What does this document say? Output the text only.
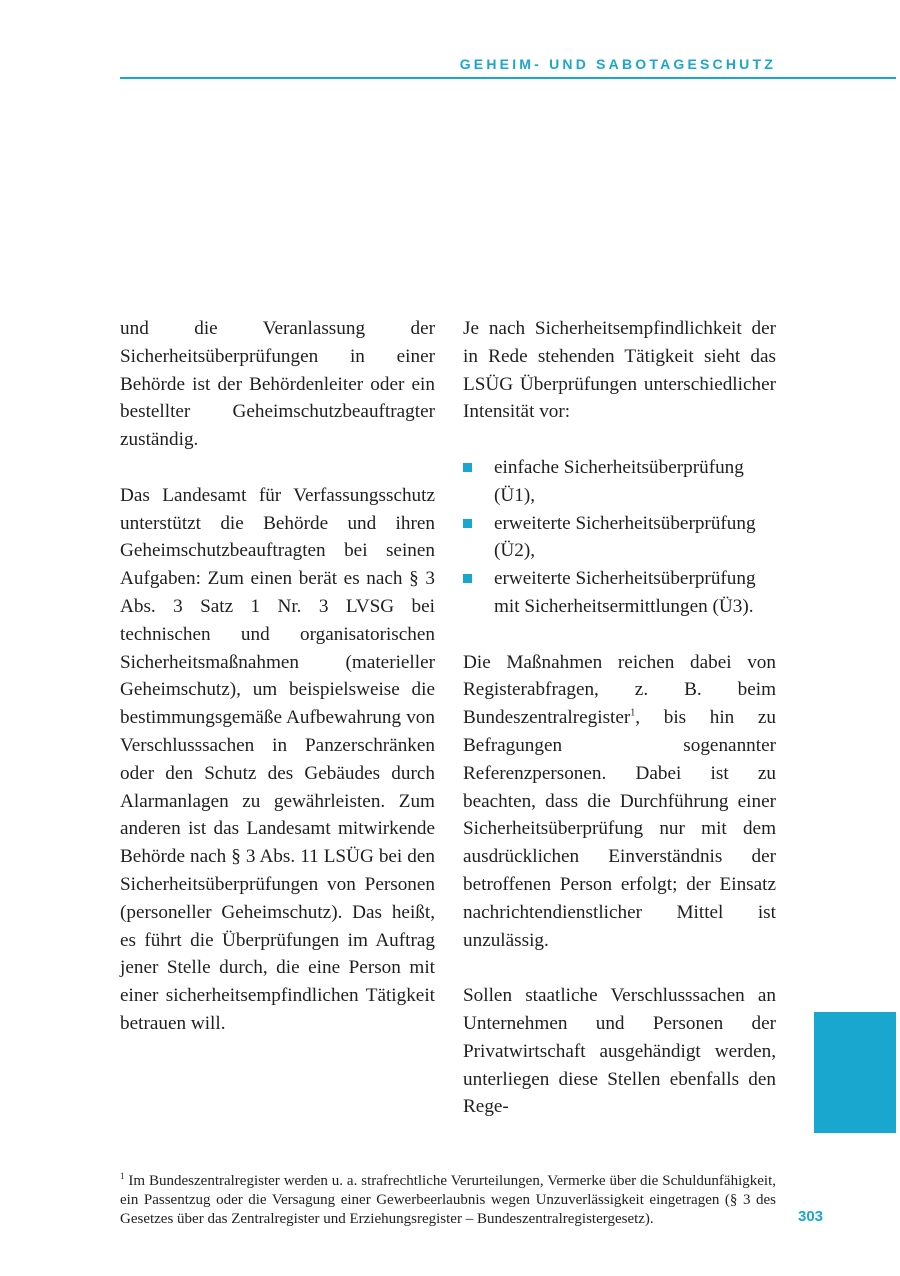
GEHEIM- UND SABOTAGESCHUTZ

und die Veranlassung der Sicherheitsüberprüfungen in einer Behörde ist der Behördenleiter oder ein bestellter Geheimschutzbeauftragter zuständig.

Das Landesamt für Verfassungsschutz unterstützt die Behörde und ihren Geheimschutzbeauftragten bei seinen Aufgaben: Zum einen berät es nach § 3 Abs. 3 Satz 1 Nr. 3 LVSG bei technischen und organisatorischen Sicherheitsmaßnahmen (materieller Geheimschutz), um beispielsweise die bestimmungsgemäße Aufbewahrung von Verschlusssachen in Panzerschränken oder den Schutz des Gebäudes durch Alarmanlagen zu gewährleisten. Zum anderen ist das Landesamt mitwirkende Behörde nach § 3 Abs. 11 LSÜG bei den Sicherheitsüberprüfungen von Personen (personeller Geheimschutz). Das heißt, es führt die Überprüfungen im Auftrag jener Stelle durch, die eine Person mit einer sicherheitsempfindlichen Tätigkeit betrauen will.

Je nach Sicherheitsempfindlichkeit der in Rede stehenden Tätigkeit sieht das LSÜG Überprüfungen unterschiedlicher Intensität vor:

einfache Sicherheitsüberprüfung (Ü1),
erweiterte Sicherheitsüberprüfung (Ü2),
erweiterte Sicherheitsüberprüfung mit Sicherheitsermittlungen (Ü3).

Die Maßnahmen reichen dabei von Registerabfragen, z. B. beim Bundeszentralregister$^1$, bis hin zu Befragungen sogenannter Referenzpersonen. Dabei ist zu beachten, dass die Durchführung einer Sicherheitsüberprüfung nur mit dem ausdrücklichen Einverständnis der betroffenen Person erfolgt; der Einsatz nachrichtendienstlicher Mittel ist unzulässig.

Sollen staatliche Verschlusssachen an Unternehmen und Personen der Privatwirtschaft ausgehändigt werden, unterliegen diese Stellen ebenfalls den Rege-

$^1$ Im Bundeszentralregister werden u. a. strafrechtliche Verurteilungen, Vermerke über die Schuldunfähigkeit, ein Passentzug oder die Versagung einer Gewerbeerlaubnis wegen Unzuverlässigkeit eingetragen (§ 3 des Gesetzes über das Zentralregister und Erziehungsregister – Bundeszentralregistergesetz).	303
